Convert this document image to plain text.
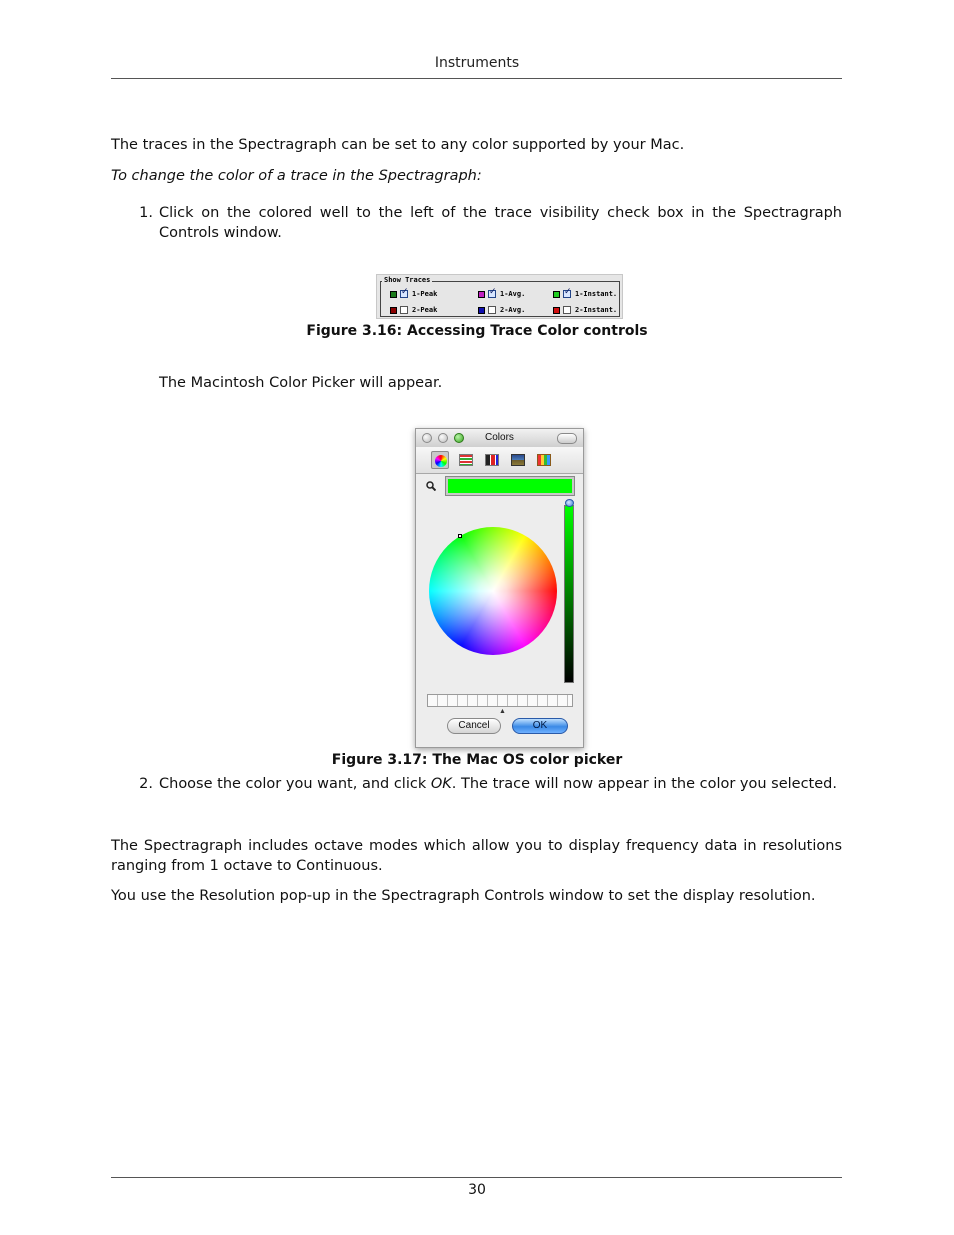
Instruments

The traces in the Spectragraph can be set to any color supported by your Mac.

To change the color of a trace in the Spectragraph:

1. Click on the colored well to the left of the trace visibility check box in the Spectragraph Controls window.

Show Traces
✓
1-Peak ✓	1-Avg. ✓	1-Instant.
2-Peak	2-Avg.	2-Instant.
Figure 3.16: Accessing Trace Color controls

The Macintosh Color Picker will appear.

Colors
▲
Cancel	OK
Figure 3.17: The Mac OS color picker
2. Choose the color you want, and click OK. The trace will now appear in the color you selected.

The Spectragraph includes octave modes which allow you to display frequency data in resolutions ranging from 1 octave to Continuous.

You use the Resolution pop-up in the Spectragraph Controls window to set the display resolution.

30
